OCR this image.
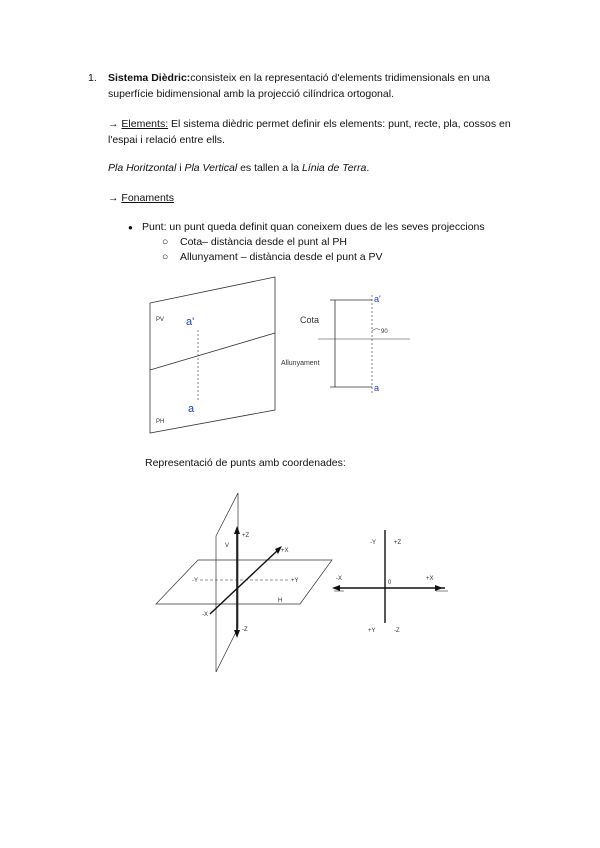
1.	Sistema Dièdric:consisteix en la representació d'elements tridimensionals en una superfície bidimensional amb la projecció cilíndrica ortogonal.
→ Elements: El sistema dièdric permet definir els elements: punt, recte, pla, cossos en l'espai i relació entre ells.
Pla Horitzontal i Pla Vertical es tallen a la Línia de Terra.
→ Fonaments
● Punt: un punt queda definit quan coneixem dues de les seves projeccions
○ Cota– distància desde el punt al PH
○ Allunyament – distància desde el punt a PV
PV
PH
a'
a
Cota
Allunyament
90
a'
a
Representació de punts amb coordenades:
+Z
-Z
+X
-X
+Y
-Y
V
H
-Y	+Z
-X	+X
0
+Y	-Z
